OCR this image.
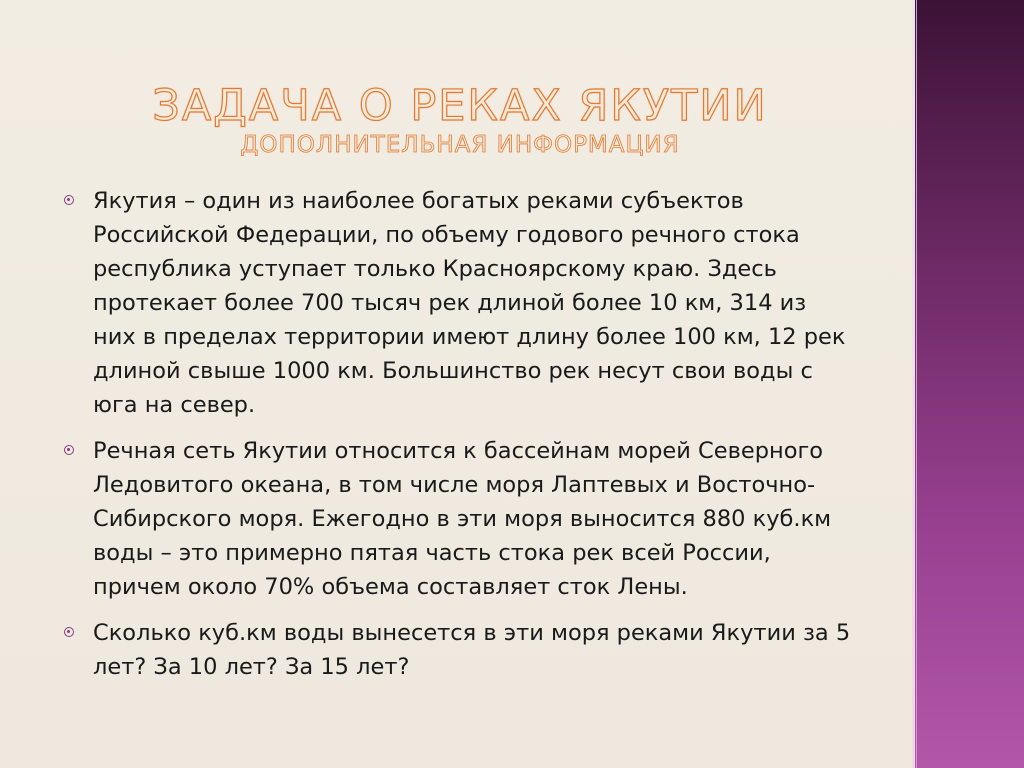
ЗАДАЧА О РЕКАХ ЯКУТИИ
ДОПОЛНИТЕЛЬНАЯ ИНФОРМАЦИЯ
Якутия – один из наиболее богатых реками субъектов Российской Федерации, по объему годового речного стока республика уступает только Красноярскому краю. Здесь протекает более 700 тысяч рек длиной более 10 км, 314 из них в пределах территории имеют длину более 100 км, 12 рек длиной свыше 1000 км. Большинство рек несут свои воды с юга на север.
Речная сеть Якутии относится к бассейнам морей Северного Ледовитого океана, в том числе моря Лаптевых и Восточно-Сибирского моря. Ежегодно в эти моря выносится 880 куб.км воды – это примерно пятая часть стока рек всей России, причем около 70% объема составляет сток Лены.
Сколько куб.км воды вынесется в эти моря реками Якутии за 5 лет? За 10 лет? За 15 лет?
